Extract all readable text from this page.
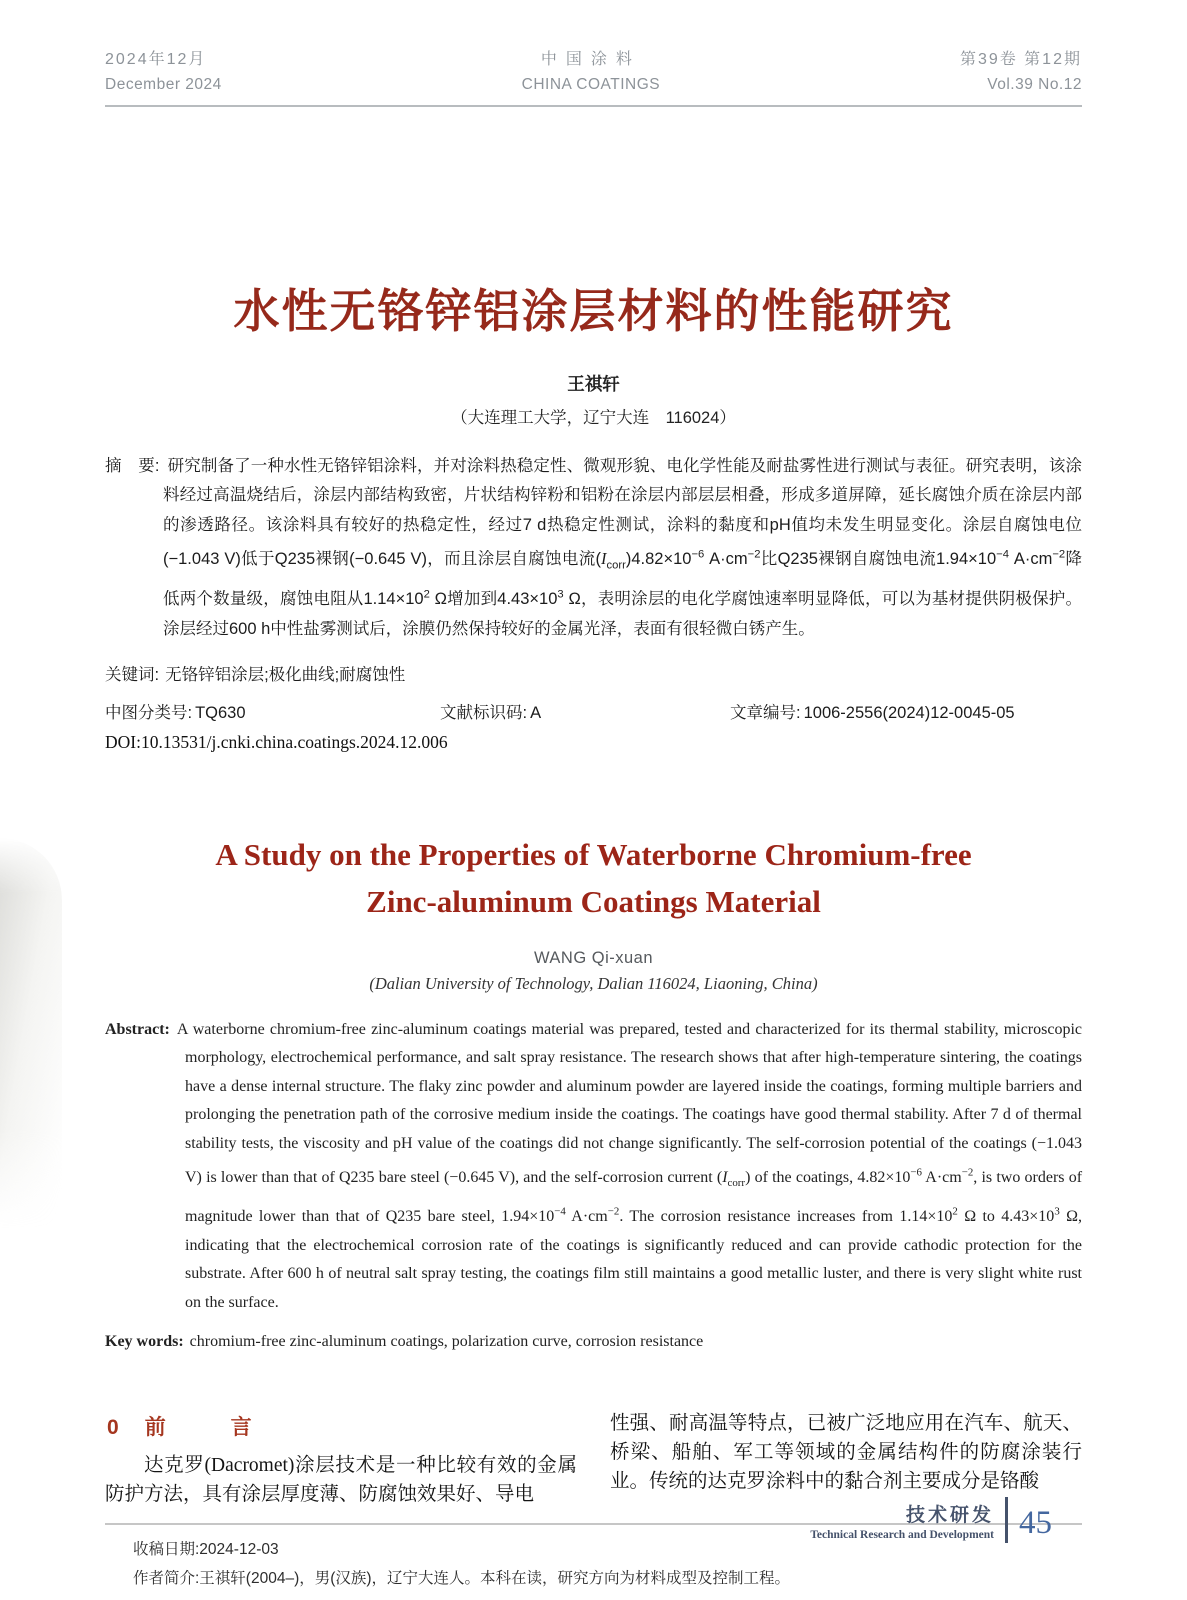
2024年12月
December 2024
中国涂料
CHINA COATINGS
第39卷 第12期
Vol.39 No.12
水性无铬锌铝涂层材料的性能研究
王祺轩
（大连理工大学，辽宁大连　116024）

摘　要: 研究制备了一种水性无铬锌铝涂料，并对涂料热稳定性、微观形貌、电化学性能及耐盐雾性进行测试与表征。研究表明，该涂料经过高温烧结后，涂层内部结构致密，片状结构锌粉和铝粉在涂层内部层层相叠，形成多道屏障，延长腐蚀介质在涂层内部的渗透路径。该涂料具有较好的热稳定性，经过7 d热稳定性测试，涂料的黏度和pH值均未发生明显变化。涂层自腐蚀电位(−1.043 V)低于Q235裸钢(−0.645 V)，而且涂层自腐蚀电流$(I_{corr})4.82\times 10^{-6}$ $A\cdot cm^{-2}$比Q235裸钢自腐蚀电流$1.94\times 10^{-4}$ $A\cdot cm^{-2}$降低两个数量级，腐蚀电阻从$1.14\times 10^2$ Ω增加到$4.43\times 10^3$ Ω，表明涂层的电化学腐蚀速率明显降低，可以为基材提供阴极保护。涂层经过600 h中性盐雾测试后，涂膜仍然保持较好的金属光泽，表面有很轻微白锈产生。

关键词: 无铬锌铝涂层;极化曲线;耐腐蚀性
中图分类号: TQ630	文献标识码: A	文章编号: 1006-2556(2024)12-0045-05
DOI:10.13531/j.cnki.china.coatings.2024.12.006
A Study on the Properties of Waterborne Chromium-free
Zinc-aluminum Coatings Material
WANG Qi-xuan
(Dalian University of Technology, Dalian 116024, Liaoning, China)

Abstract: A waterborne chromium-free zinc-aluminum coatings material was prepared, tested and characterized for its thermal stability, microscopic morphology, electrochemical performance, and salt spray resistance. The research shows that after high-temperature sintering, the coatings have a dense internal structure. The flaky zinc powder and aluminum powder are layered inside the coatings, forming multiple barriers and prolonging the penetration path of the corrosive medium inside the coatings. The coatings have good thermal stability. After 7 d of thermal stability tests, the viscosity and pH value of the coatings did not change significantly. The self-corrosion potential of the coatings (−1.043 V) is lower than that of Q235 bare steel (−0.645 V), and the self-corrosion current $(I_{corr})$ of the coatings, $4.82\times 10^{-6}$ $A\cdot cm^{-2}$, is two orders of magnitude lower than that of Q235 bare steel, $1.94\times 10^{-4}$ $A\cdot cm^{-2}$. The corrosion resistance increases from $1.14\times 10^2$ Ω to $4.43\times 10^3$ Ω, indicating that the electrochemical corrosion rate of the coatings is significantly reduced and can provide cathodic protection for the substrate. After 600 h of neutral salt spray testing, the coatings film still maintains a good metallic luster, and there is very slight white rust on the surface.

Key words: chromium-free zinc-aluminum coatings, polarization curve, corrosion resistance
0 前　言

达克罗(Dacromet)涂层技术是一种比较有效的金属防护方法，具有涂层厚度薄、防腐蚀效果好、导电

性强、耐高温等特点，已被广泛地应用在汽车、航天、桥梁、船舶、军工等领域的金属结构件的防腐涂装行业。传统的达克罗涂料中的黏合剂主要成分是铬酸

收稿日期:2024-12-03
作者简介:王祺轩(2004–)，男(汉族)，辽宁大连人。本科在读，研究方向为材料成型及控制工程。
技术研发
Technical Research and Development 45
